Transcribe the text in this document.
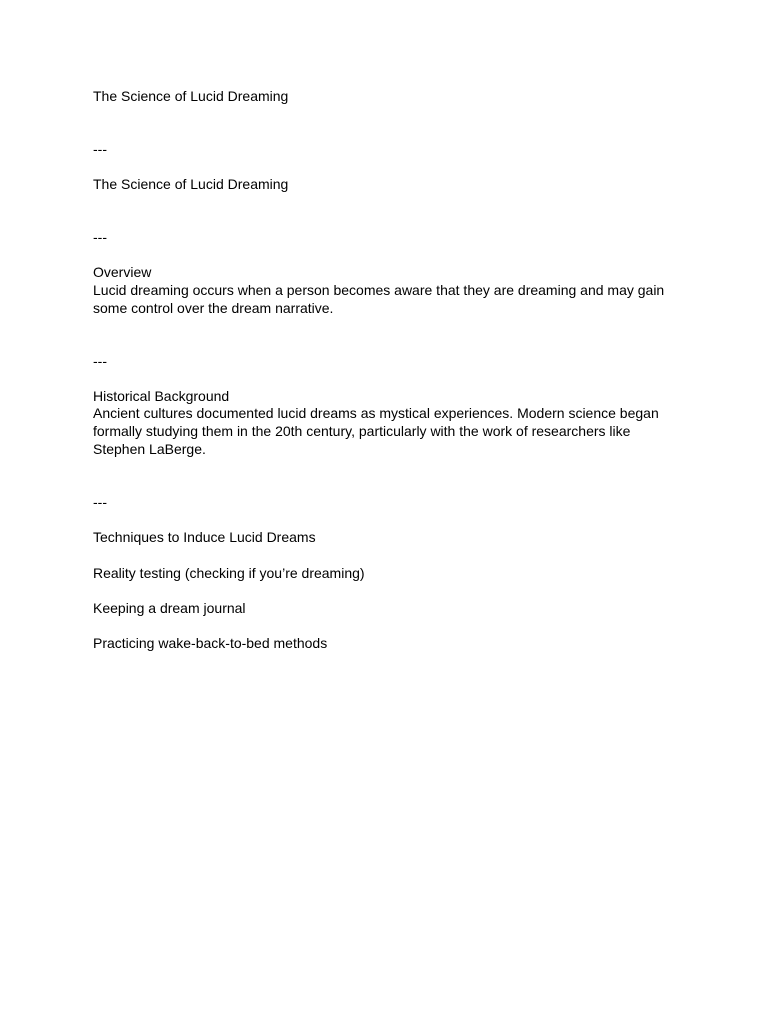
The Science of Lucid Dreaming
---
The Science of Lucid Dreaming
---
Overview
Lucid dreaming occurs when a person becomes aware that they are dreaming and may gain
some control over the dream narrative.
---
Historical Background
Ancient cultures documented lucid dreams as mystical experiences. Modern science began
formally studying them in the 20th century, particularly with the work of researchers like
Stephen LaBerge.
---
Techniques to Induce Lucid Dreams
Reality testing (checking if you’re dreaming)
Keeping a dream journal
Practicing wake-back-to-bed methods
